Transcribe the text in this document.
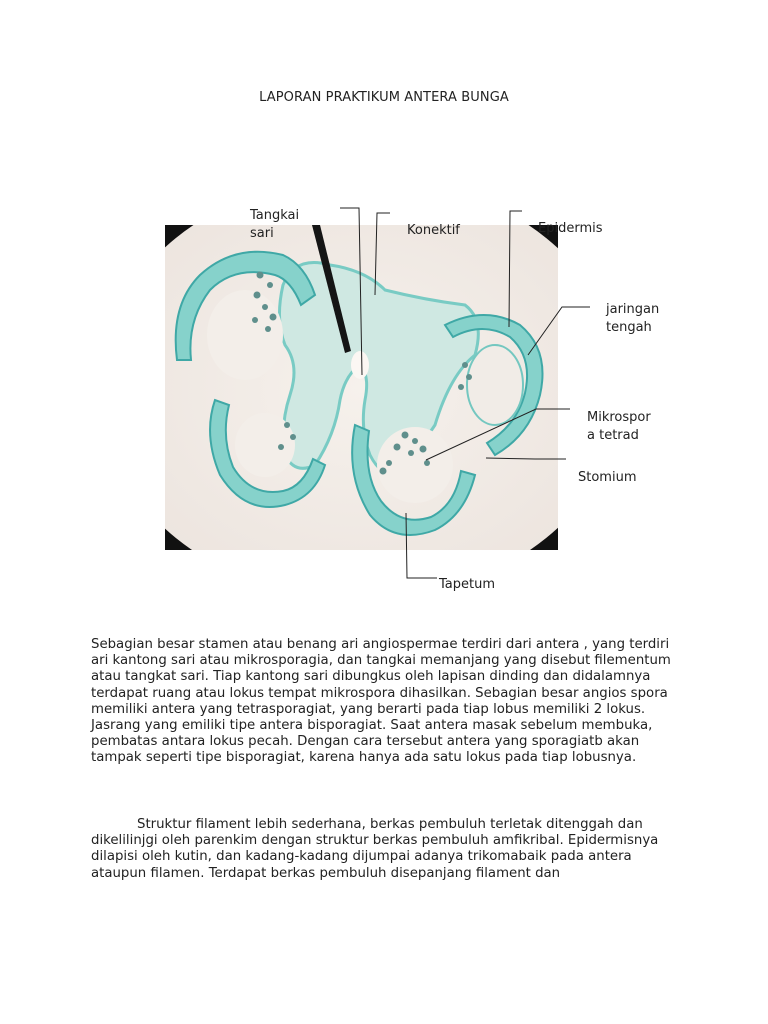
LAPORAN PRAKTIKUM ANTERA BUNGA
Tangkai
sari	Konektif	Epidermis
jaringan
tengah
Mikrospor
a tetrad
Stomium
Tapetum
Sebagian besar stamen atau benang ari angiospermae terdiri dari antera , yang terdiri ari kantong sari atau mikrosporagia, dan tangkai memanjang yang disebut filementum atau tangkat sari. Tiap kantong sari dibungkus oleh lapisan dinding dan didalamnya terdapat ruang atau lokus tempat mikrospora dihasilkan. Sebagian besar angios spora memiliki antera yang tetrasporagiat, yang berarti pada tiap lobus memiliki 2 lokus. Jasrang yang emiliki tipe antera bisporagiat. Saat antera masak sebelum membuka, pembatas antara lokus pecah. Dengan cara tersebut antera yang sporagiatb akan tampak seperti tipe bisporagiat, karena hanya ada satu lokus pada tiap lobusnya.
Struktur filament lebih sederhana, berkas pembuluh terletak ditenggah dan dikelilinjgi oleh parenkim dengan struktur berkas pembuluh amfikribal. Epidermisnya dilapisi oleh kutin, dan kadang-kadang dijumpai adanya trikomabaik pada antera ataupun filamen. Terdapat berkas pembuluh disepanjang filament dan
